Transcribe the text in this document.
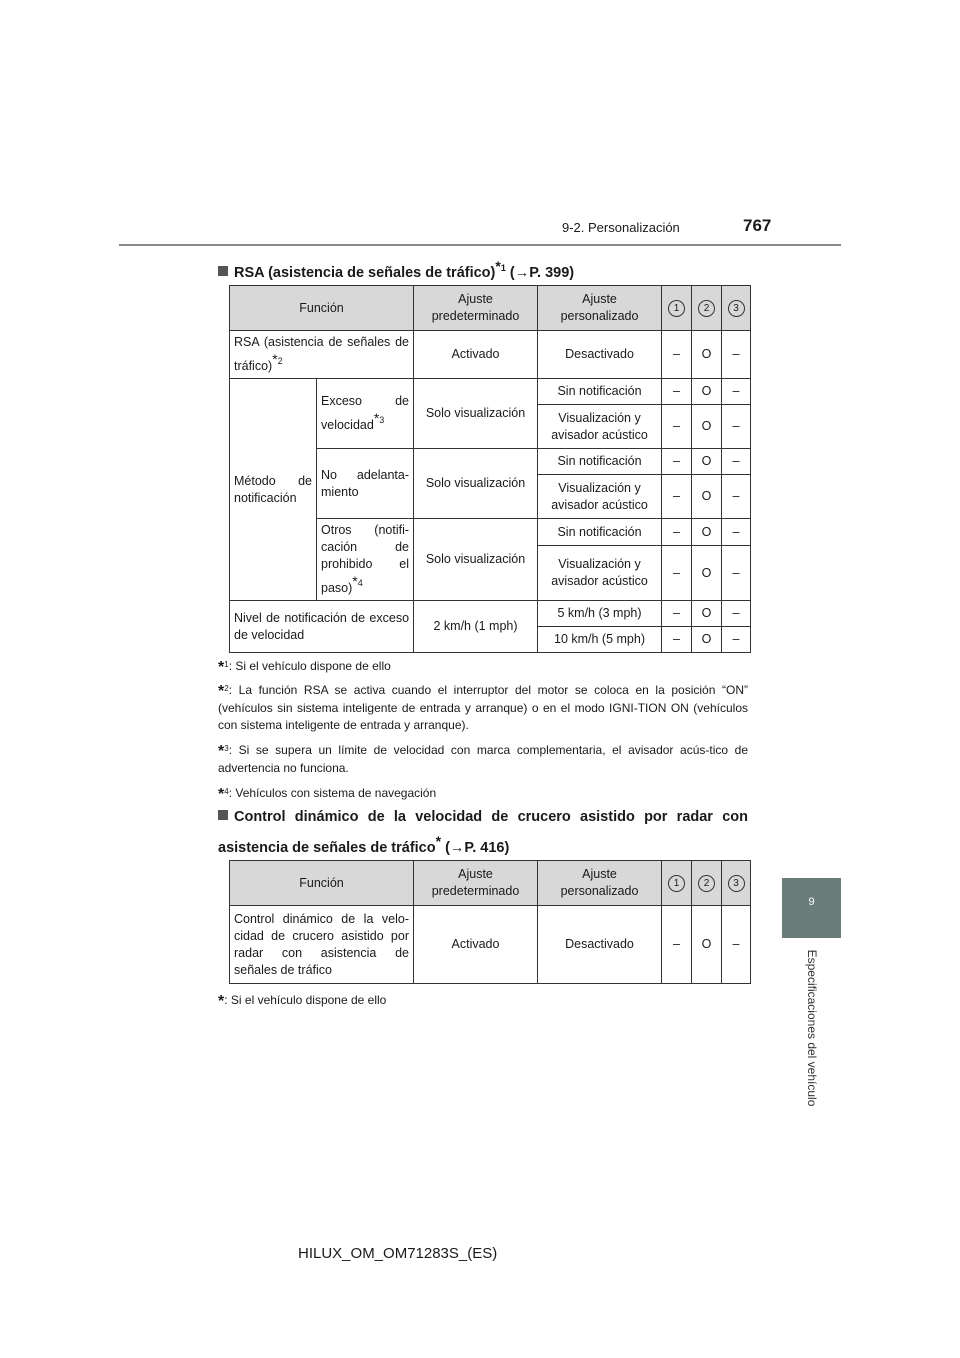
9-2. Personalización	767
9
Especificaciones del vehículo
RSA (asistencia de señales de tráfico)$^{*1}$ (→P. 399)
Función		Ajuste predeterminado	Ajuste personalizado	1	2	3
RSA (asistencia de señales de tráfico)$^{*2}$		Activado	Desactivado	–	O	–
Método de notificación	Exceso de velocidad$^{*3}$	Solo visualización	Sin notificación	–	O	–
			Visualización y avisador acústico	–	O	–
	No adelanta-miento	Solo visualización	Sin notificación	–	O	–
			Visualización y avisador acústico	–	O	–
	Otros (notifi-cación de prohibido el paso)$^{*4}$	Solo visualización	Sin notificación	–	O	–
			Visualización y avisador acústico	–	O	–
Nivel de notificación de exceso de velocidad		2 km/h (1 mph)	5 km/h (3 mph)	–	O	–
			10 km/h (5 mph)	–	O	–
*$^1$: Si el vehículo dispone de ello
*$^2$: La función RSA se activa cuando el interruptor del motor se coloca en la posición “ON” (vehículos sin sistema inteligente de entrada y arranque) o en el modo IGNI-TION ON (vehículos con sistema inteligente de entrada y arranque).
*$^3$: Si se supera un límite de velocidad con marca complementaria, el avisador acús-tico de advertencia no funciona.
*$^4$: Vehículos con sistema de navegación
Control dinámico de la velocidad de crucero asistido por radar con asistencia de señales de tráfico* (→P. 416)
Función	Ajuste predeterminado	Ajuste personalizado	1	2	3
Control dinámico de la velo-cidad de crucero asistido por radar con asistencia de señales de tráfico	Activado	Desactivado	–	O	–
*: Si el vehículo dispone de ello
HILUX_OM_OM71283S_(ES)
